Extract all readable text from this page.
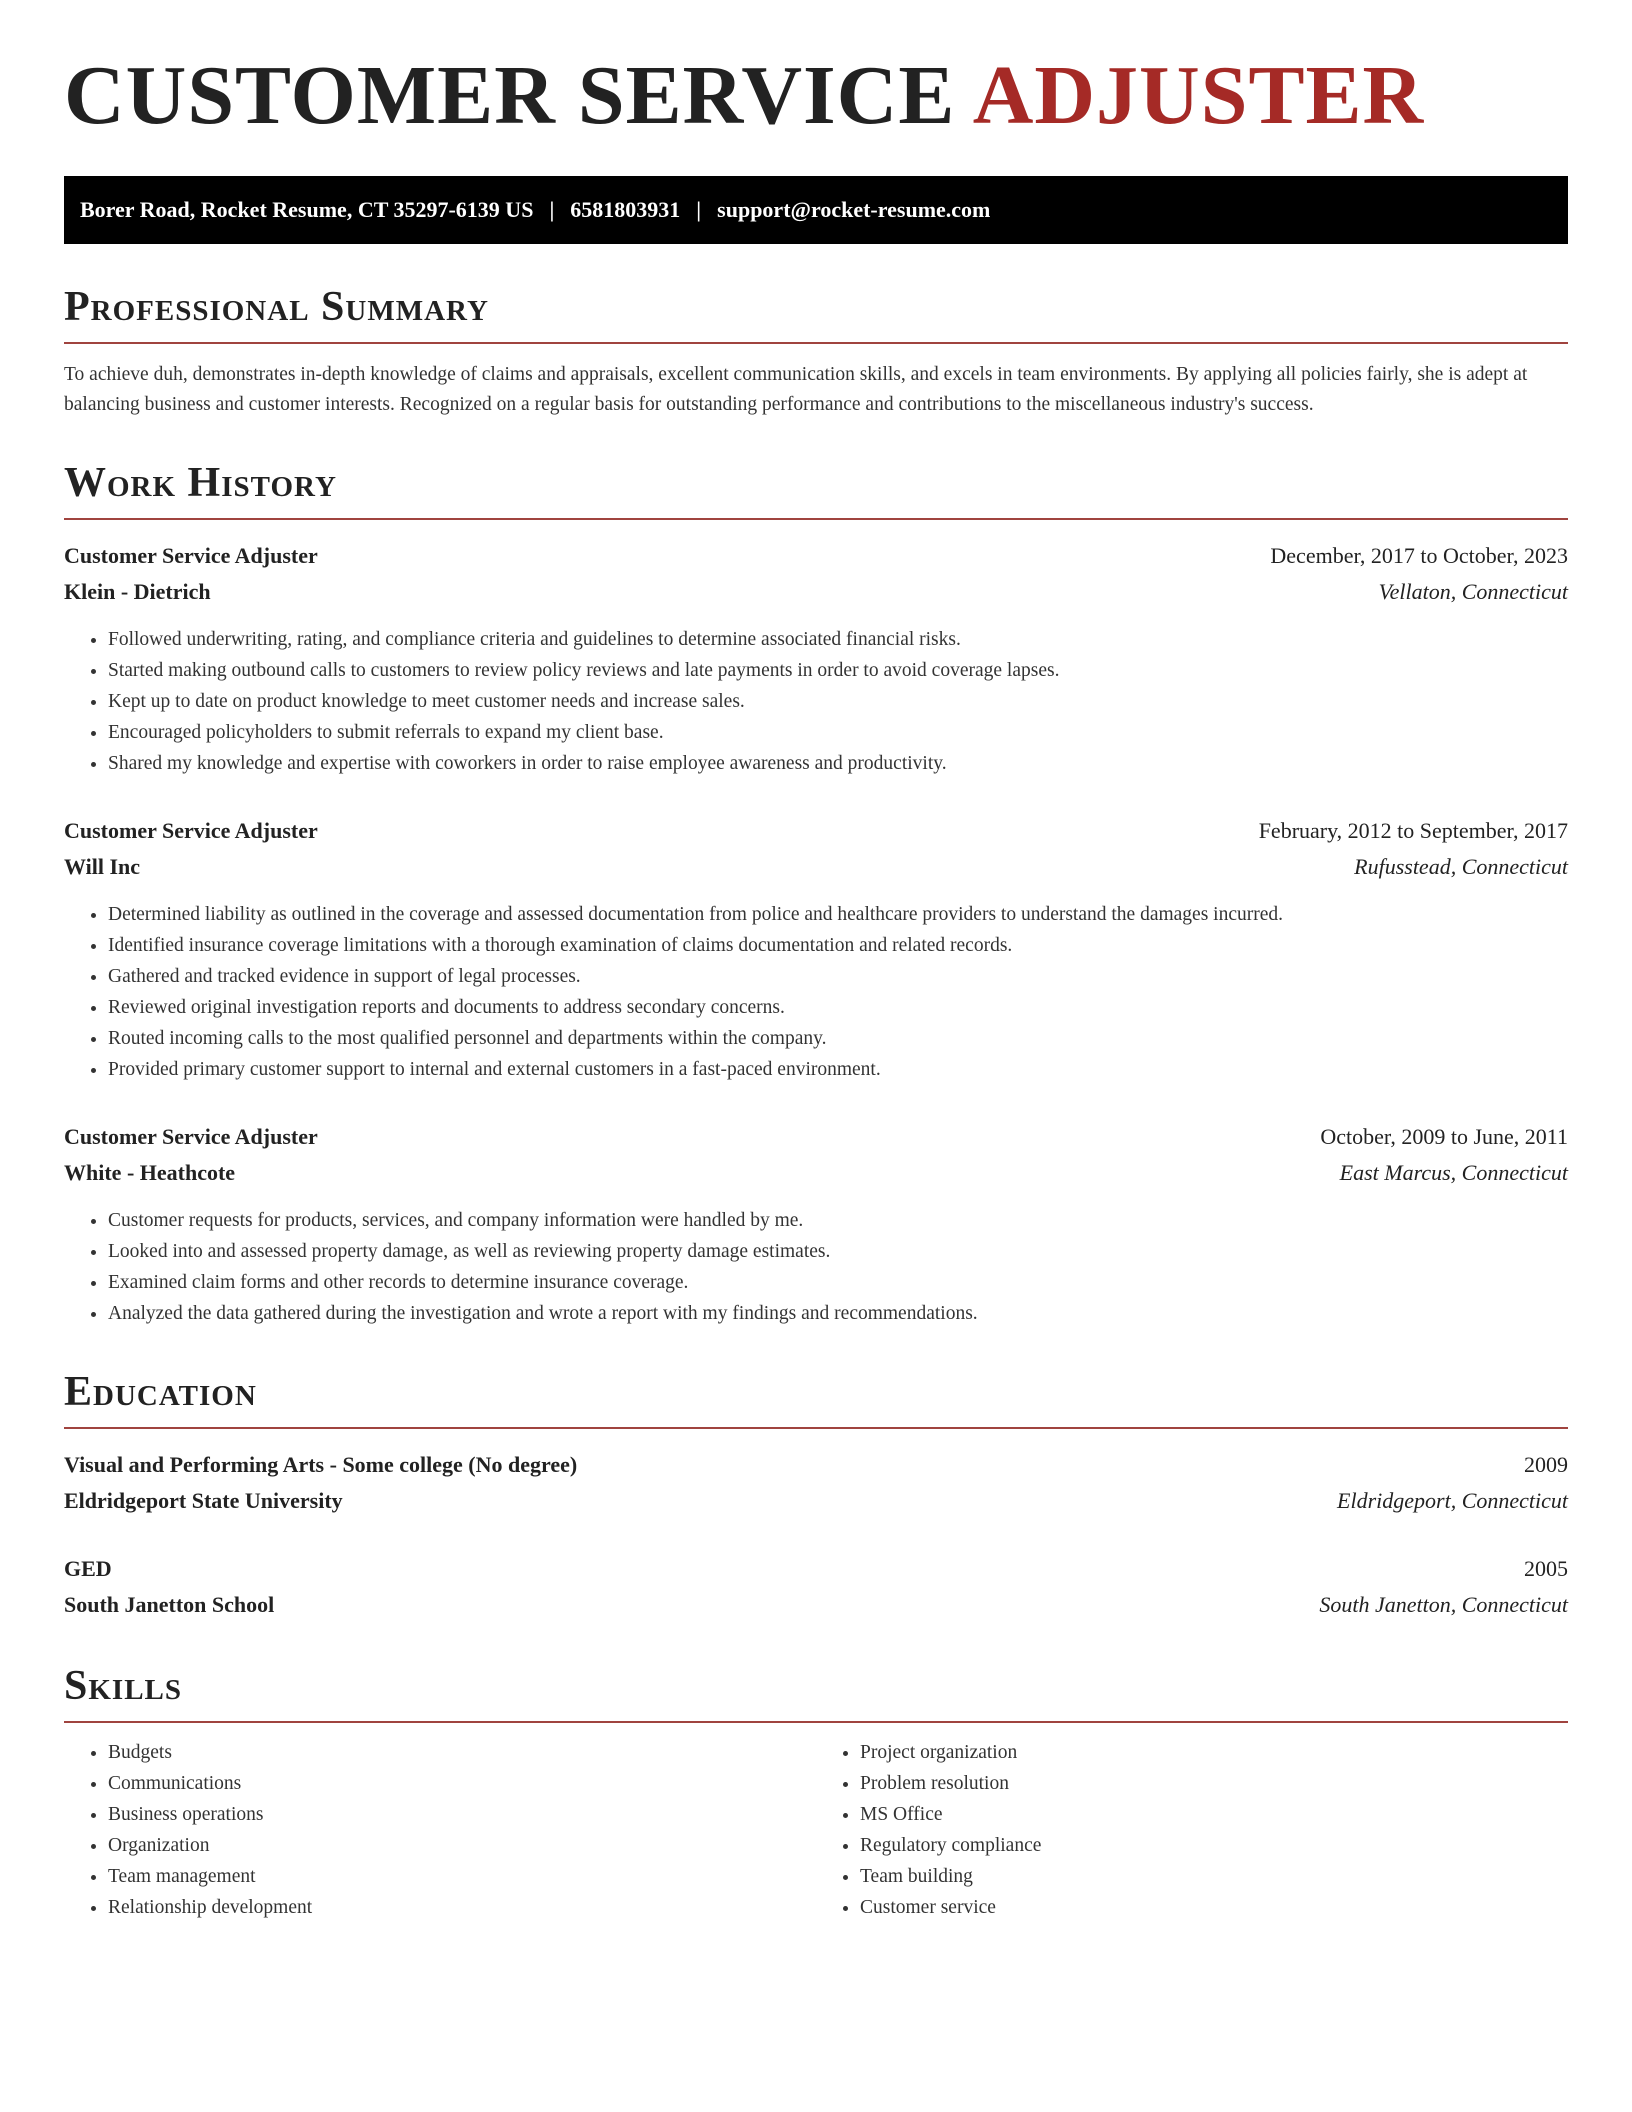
CUSTOMER SERVICE ADJUSTER
Borer Road, Rocket Resume, CT 35297-6139 US | 6581803931 | support@rocket-resume.com
Professional Summary

To achieve duh, demonstrates in-depth knowledge of claims and appraisals, excellent communication skills, and excels in team environments. By applying all policies fairly, she is adept at balancing business and customer interests. Recognized on a regular basis for outstanding performance and contributions to the miscellaneous industry's success.

Work History
Customer Service Adjuster	December, 2017 to October, 2023
Klein - Dietrich	Vellaton, Connecticut
• Followed underwriting, rating, and compliance criteria and guidelines to determine associated financial risks.
• Started making outbound calls to customers to review policy reviews and late payments in order to avoid coverage lapses.
• Kept up to date on product knowledge to meet customer needs and increase sales.
• Encouraged policyholders to submit referrals to expand my client base.
• Shared my knowledge and expertise with coworkers in order to raise employee awareness and productivity.
Customer Service Adjuster	February, 2012 to September, 2017
Will Inc	Rufusstead, Connecticut
• Determined liability as outlined in the coverage and assessed documentation from police and healthcare providers to understand the damages incurred.
• Identified insurance coverage limitations with a thorough examination of claims documentation and related records.
• Gathered and tracked evidence in support of legal processes.
• Reviewed original investigation reports and documents to address secondary concerns.
• Routed incoming calls to the most qualified personnel and departments within the company.
• Provided primary customer support to internal and external customers in a fast-paced environment.
Customer Service Adjuster	October, 2009 to June, 2011
White - Heathcote	East Marcus, Connecticut
• Customer requests for products, services, and company information were handled by me.
• Looked into and assessed property damage, as well as reviewing property damage estimates.
• Examined claim forms and other records to determine insurance coverage.
• Analyzed the data gathered during the investigation and wrote a report with my findings and recommendations.
Education
Visual and Performing Arts - Some college (No degree)	2009
Eldridgeport State University	Eldridgeport, Connecticut
GED	2005
South Janetton School	South Janetton, Connecticut
Skills
• Budgets
• Communications
• Business operations
• Organization
• Team management
• Relationship development
• Project organization
• Problem resolution
• MS Office
• Regulatory compliance
• Team building
• Customer service
